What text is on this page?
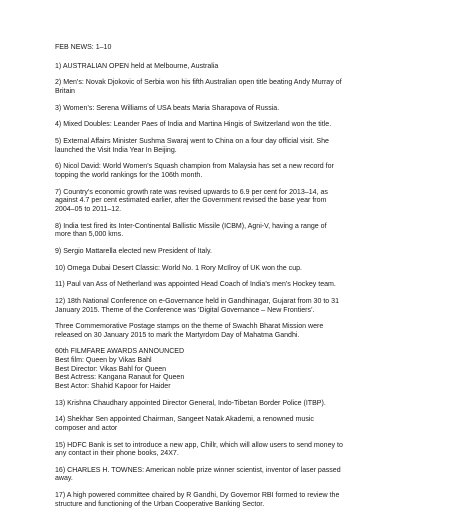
FEB NEWS: 1–10
1) AUSTRALIAN OPEN held at Melbourne, Australia
2) Men’s: Novak Djokovic of Serbia won his fifth Australian open title beating Andy Murray of
Britain
3) Women’s: Serena Williams of USA beats Maria Sharapova of Russia.
4) Mixed Doubles: Leander Paes of India and Martina Hingis of Switzerland won the title.
5) External Affairs Minister Sushma Swaraj went to China on a four day official visit. She
launched the Visit India Year In Beijing.
6) Nicol David: World Women’s Squash champion from Malaysia has set a new record for
topping the world rankings for the 106th month.
7) Country’s economic growth rate was revised upwards to 6.9 per cent for 2013–14, as
against 4.7 per cent estimated earlier, after the Government revised the base year from
2004–05 to 2011–12.
8) India test fired its Inter-Continental Ballistic Missile (ICBM), Agni-V, having a range of
more than 5,000 kms.
9) Sergio Mattarella elected new President of Italy.
10) Omega Dubai Desert Classic: World No. 1 Rory McIlroy of UK won the cup.
11) Paul van Ass of Netherland was appointed Head Coach of India’s men’s Hockey team.
12) 18th National Conference on e-Governance held in Gandhinagar, Gujarat from 30 to 31
January 2015. Theme of the Conference was ‘Digital Governance – New Frontiers’.
Three Commemorative Postage stamps on the theme of Swachh Bharat Mission were
released on 30 January 2015 to mark the Martyrdom Day of Mahatma Gandhi.
60th FILMFARE AWARDS ANNOUNCED
Best film: Queen by Vikas Bahl
Best Director: Vikas Bahl for Queen
Best Actress: Kangana Ranaut for Queen
Best Actor: Shahid Kapoor for Haider
13) Krishna Chaudhary appointed Director General, Indo-Tibetan Border Police (ITBP).
14) Shekhar Sen appointed Chairman, Sangeet Natak Akademi, a renowned music
composer and actor
15) HDFC Bank is set to introduce a new app, Chillr, which will allow users to send money to
any contact in their phone books, 24X7.
16) CHARLES H. TOWNES: American noble prize winner scientist, inventor of laser passed
away.
17) A high powered committee chaired by R Gandhi, Dy Governor RBI formed to review the
structure and functioning of the Urban Cooperative Banking Sector.
